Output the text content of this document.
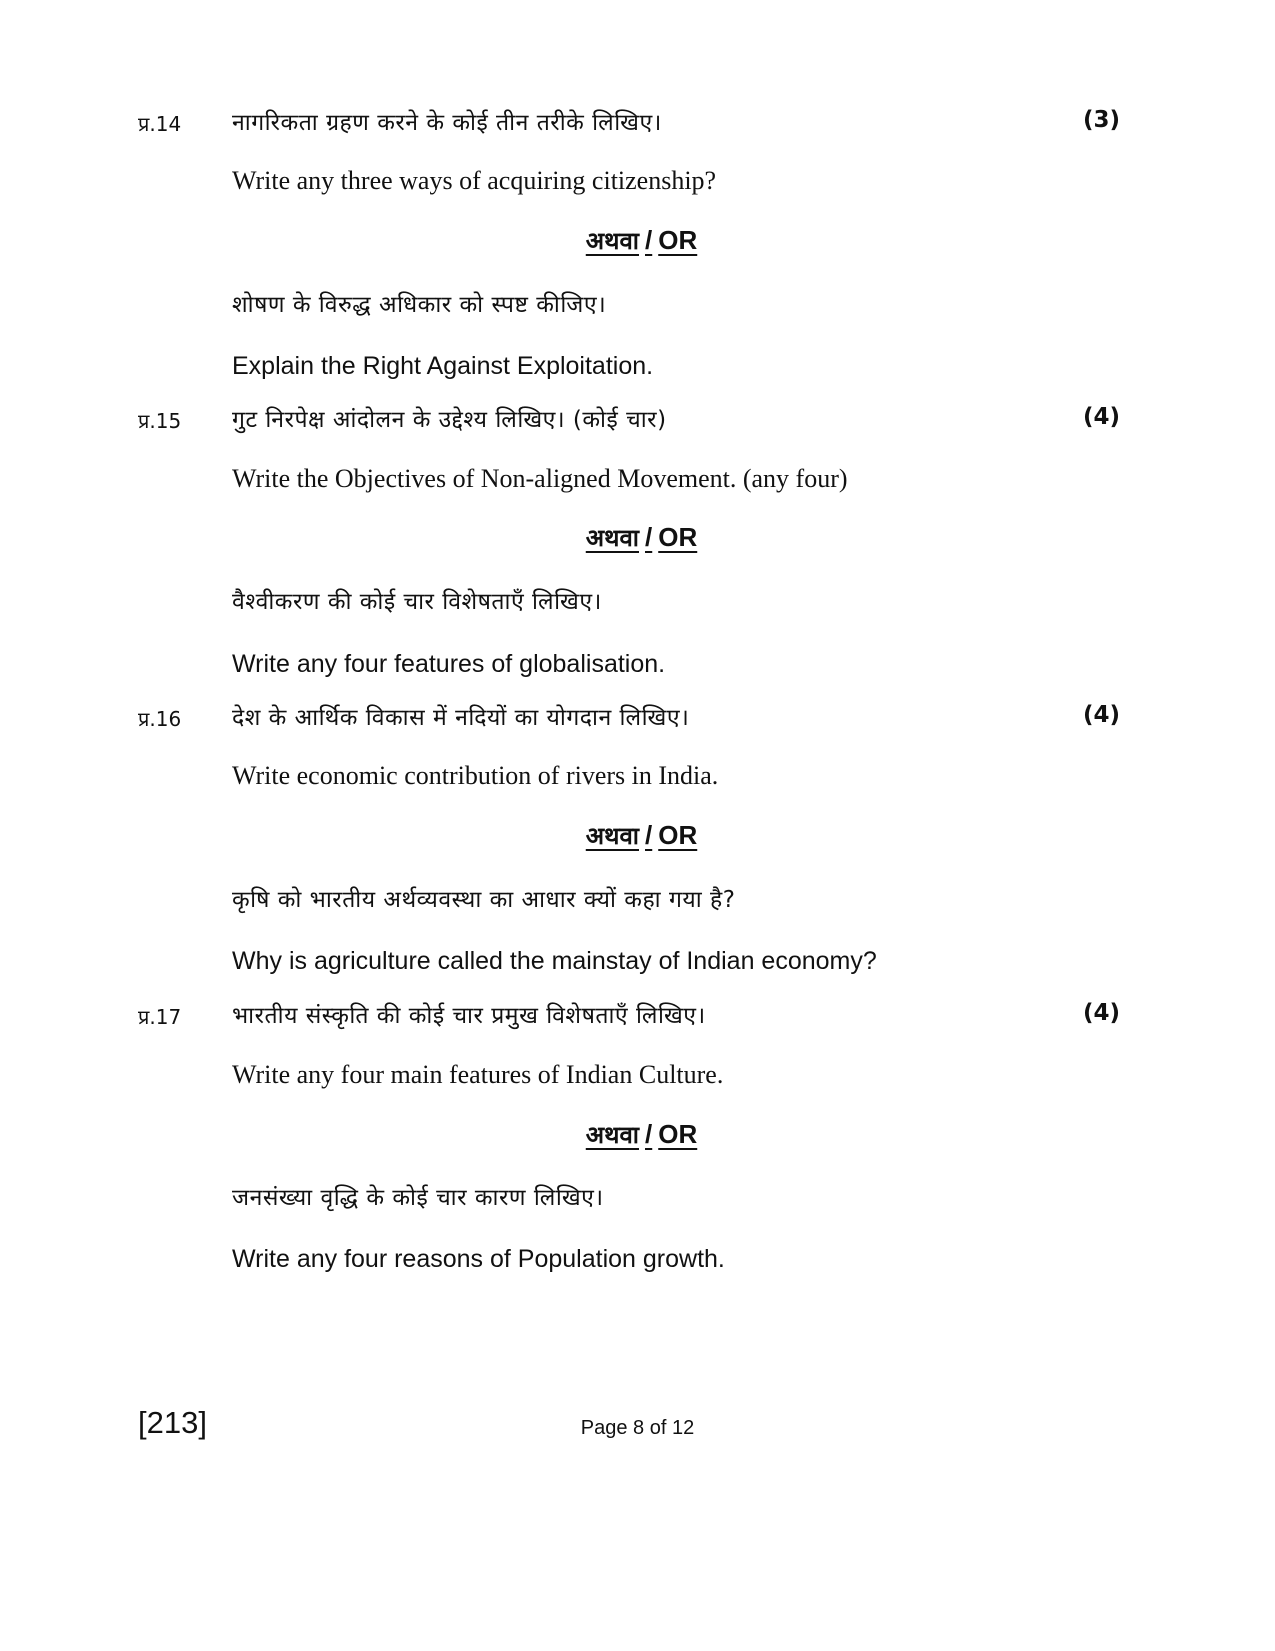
प्र.14 नागरिकता ग्रहण करने के कोई तीन तरीके लिखिए।	(3)
Write any three ways of acquiring citizenship?
अथवा / OR
शोषण के विरुद्ध अधिकार को स्पष्ट कीजिए।
Explain the Right Against Exploitation.
प्र.15 गुट निरपेक्ष आंदोलन के उद्देश्य लिखिए। (कोई चार)	(4)
Write the Objectives of Non-aligned Movement. (any four)
अथवा / OR
वैश्वीकरण की कोई चार विशेषताएँ लिखिए।
Write any four features of globalisation.
प्र.16 देश के आर्थिक विकास में नदियों का योगदान लिखिए।	(4)
Write economic contribution of rivers in India.
अथवा / OR
कृषि को भारतीय अर्थव्यवस्था का आधार क्यों कहा गया है?
Why is agriculture called the mainstay of Indian economy?
प्र.17 भारतीय संस्कृति की कोई चार प्रमुख विशेषताएँ लिखिए।	(4)
Write any four main features of Indian Culture.
अथवा / OR
जनसंख्या वृद्धि के कोई चार कारण लिखिए।
Write any four reasons of Population growth.
[213]	Page 8 of 12
